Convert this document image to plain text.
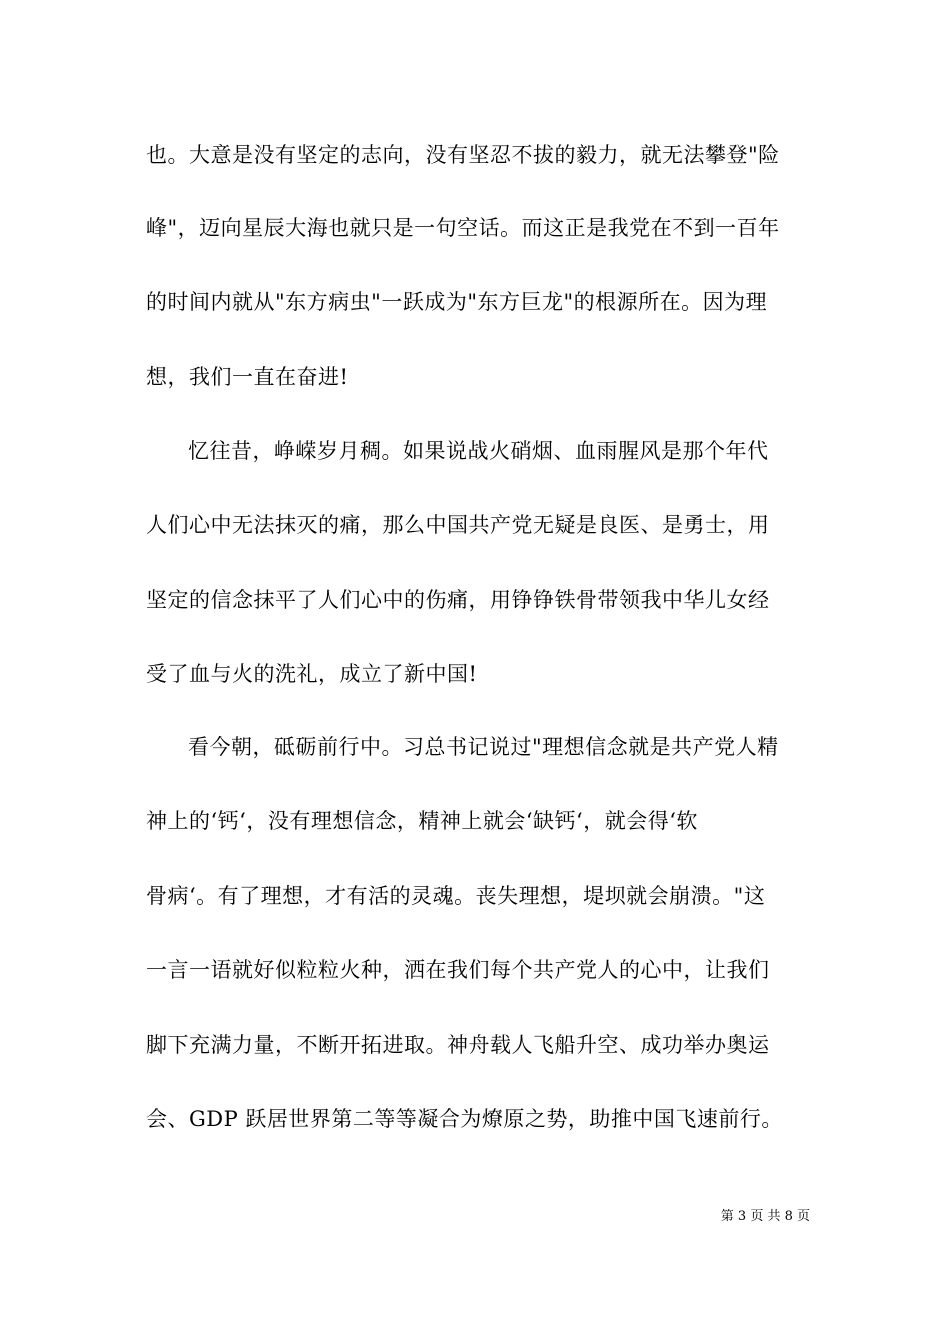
也。大意是没有坚定的志向，没有坚忍不拔的毅力，就无法攀登"险
峰"，迈向星辰大海也就只是一句空话。而这正是我党在不到一百年
的时间内就从"东方病虫"一跃成为"东方巨龙"的根源所在。因为理
想，我们一直在奋进!
忆往昔，峥嵘岁月稠。如果说战火硝烟、血雨腥风是那个年代
人们心中无法抹灭的痛，那么中国共产党无疑是良医、是勇士，用
坚定的信念抹平了人们心中的伤痛，用铮铮铁骨带领我中华儿女经
受了血与火的洗礼，成立了新中国!
看今朝，砥砺前行中。习总书记说过"理想信念就是共产党人精
神上的‘钙‘，没有理想信念，精神上就会‘缺钙‘，就会得‘软
骨病‘。有了理想，才有活的灵魂。丧失理想，堤坝就会崩溃。"这
一言一语就好似粒粒火种，洒在我们每个共产党人的心中，让我们
脚下充满力量，不断开拓进取。神舟载人飞船升空、成功举办奥运
会、GDP 跃居世界第二等等凝合为燎原之势，助推中国飞速前行。
第 3 页 共 8 页
